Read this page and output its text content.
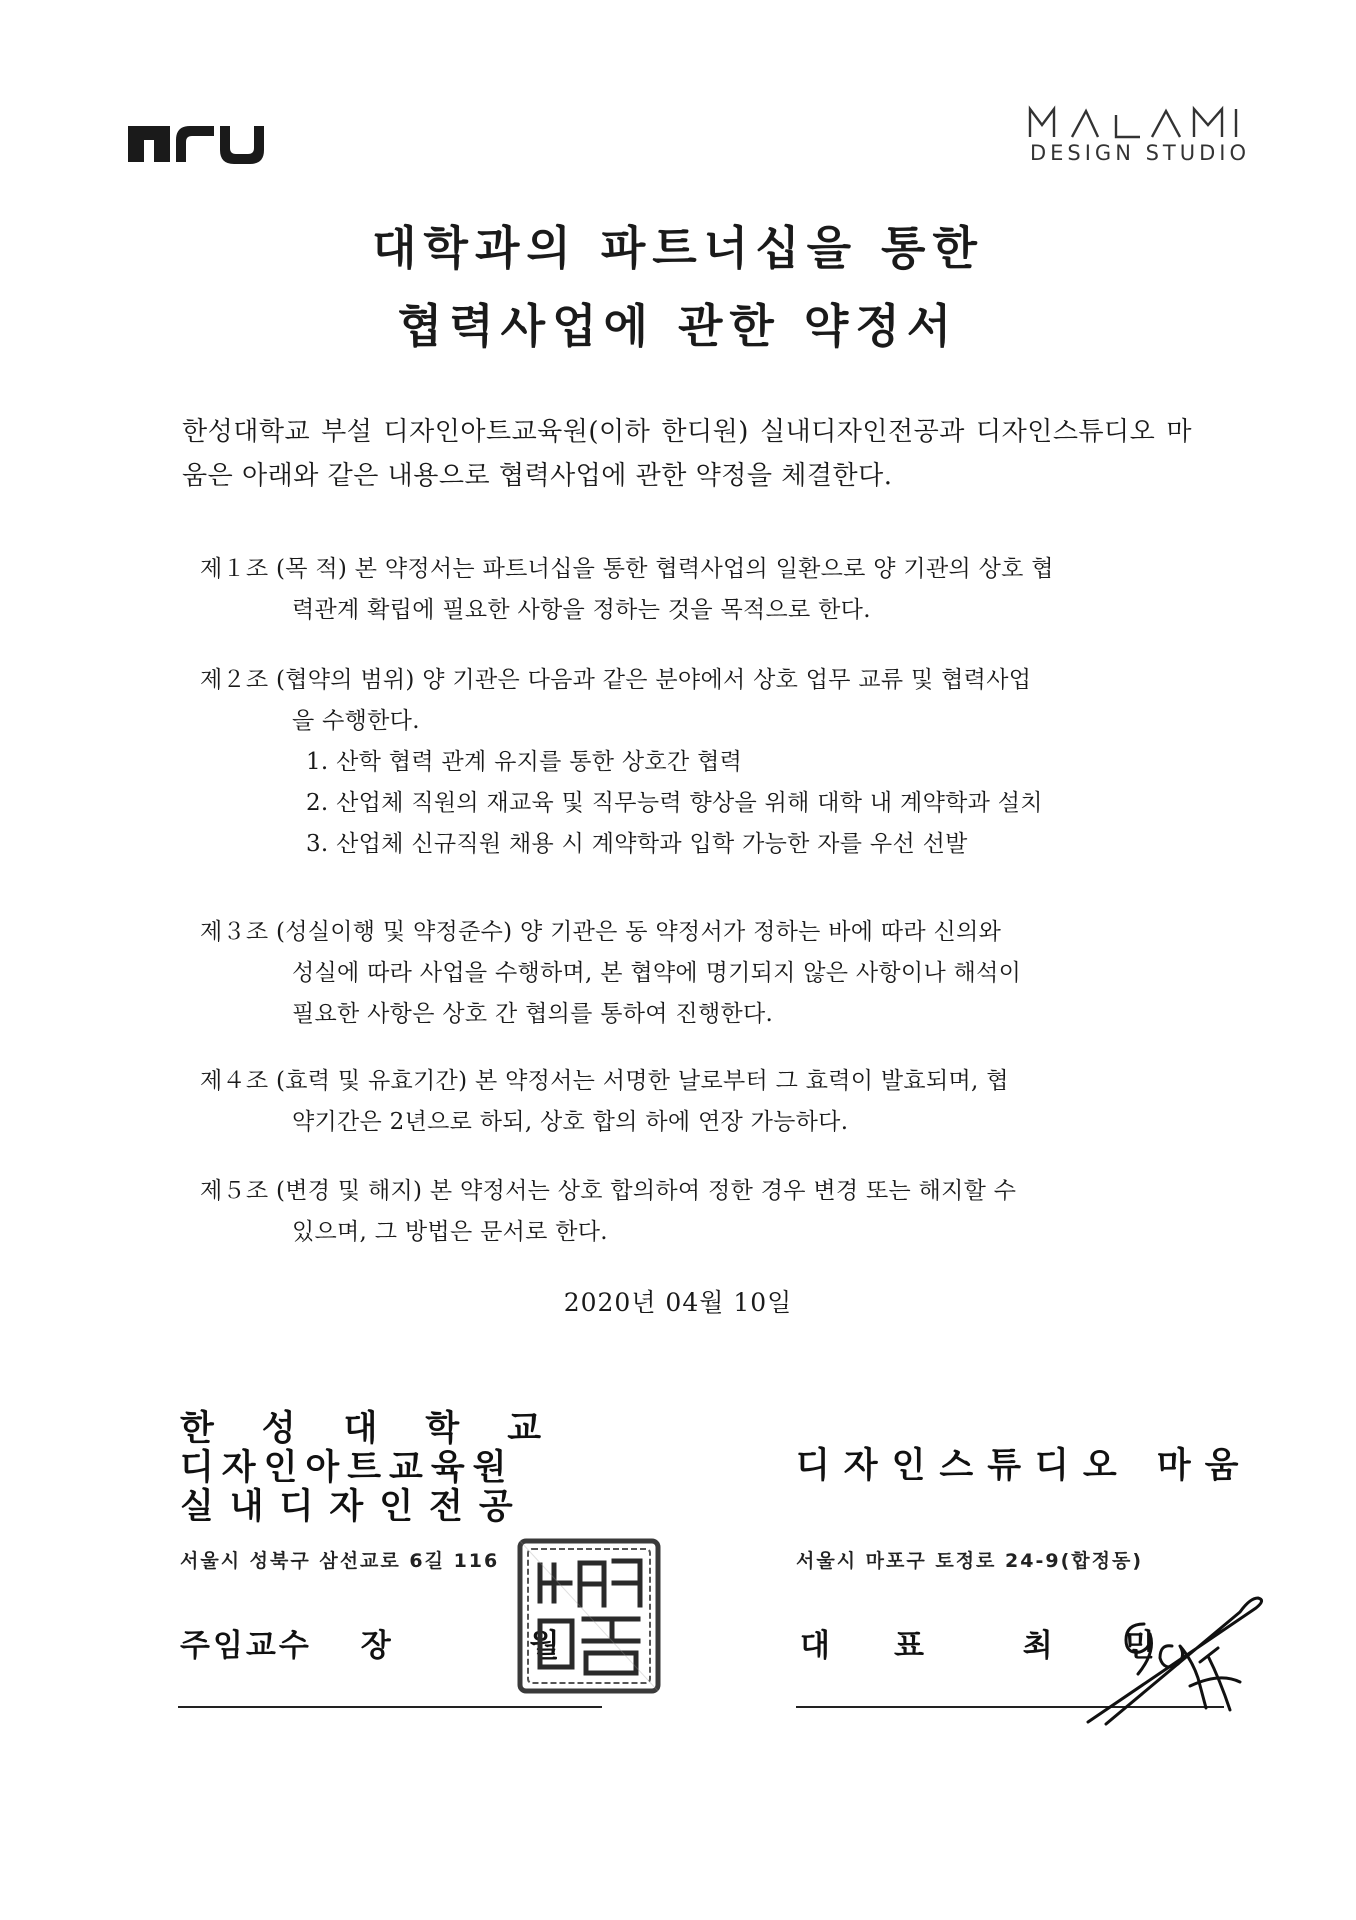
DESIGN STUDIO
대학과의 파트너십을 통한
협력사업에 관한 약정서
한성대학교 부설 디자인아트교육원(이하 한디원) 실내디자인전공과 디자인스튜디오 마움은 아래와 같은 내용으로 협력사업에 관한 약정을 체결한다.
제１조 (목 적) 본 약정서는 파트너십을 통한 협력사업의 일환으로 양 기관의 상호 협
력관계 확립에 필요한 사항을 정하는 것을 목적으로 한다.
제２조 (협약의 범위) 양 기관은 다음과 같은 분야에서 상호 업무 교류 및 협력사업
을 수행한다.
1. 산학 협력 관계 유지를 통한 상호간 협력
2. 산업체 직원의 재교육 및 직무능력 향상을 위해 대학 내 계약학과 설치
3. 산업체 신규직원 채용 시 계약학과 입학 가능한 자를 우선 선발
제３조 (성실이행 및 약정준수) 양 기관은 동 약정서가 정하는 바에 따라 신의와
성실에 따라 사업을 수행하며, 본 협약에 명기되지 않은 사항이나 해석이
필요한 사항은 상호 간 협의를 통하여 진행한다.
제４조 (효력 및 유효기간) 본 약정서는 서명한 날로부터 그 효력이 발효되며, 협
약기간은 2년으로 하되, 상호 합의 하에 연장 가능하다.
제５조 (변경 및 해지) 본 약정서는 상호 합의하여 정한 경우 변경 또는 해지할 수
있으며, 그 방법은 문서로 한다.
2020년 04월 10일
한성대학교
디자인아트교육원
실내디자인전공
서울시 성북구 삼선교로 6길 116
주임교수 장 월
디자인스튜디오 마움
서울시 마포구 토정로 24-9(합정동)
대표 최민
